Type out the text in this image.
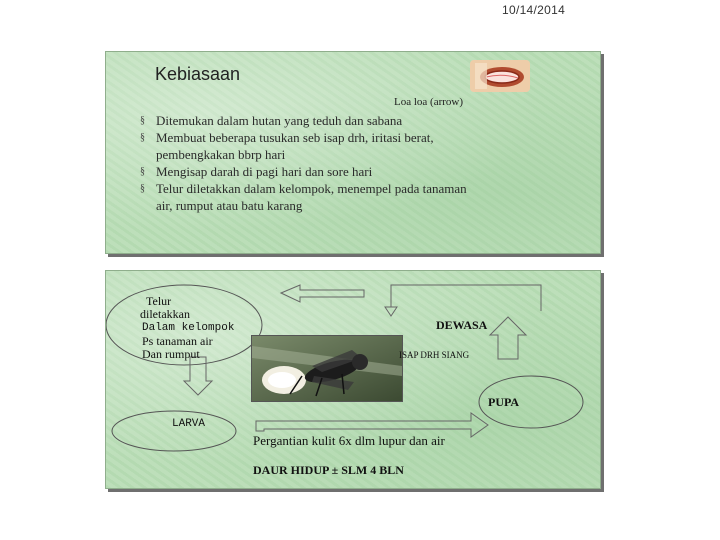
10/14/2014
Kebiasaan
Loa loa (arrow)
§ Ditemukan dalam hutan yang teduh dan sabana
§ Membuat beberapa tusukan seb isap drh, iritasi berat, pembengkakan bbrp hari
§ Mengisap darah di pagi hari dan sore hari
§ Telur diletakkan dalam kelompok, menempel pada tanaman air, rumput atau batu karang
Telur
diletakkan
Dalam kelompok
Ps tanaman air
Dan rumput
DEWASA
ISAP DRH SIANG
PUPA
LARVA
Pergantian kulit 6x dlm lupur dan air
DAUR HIDUP ± SLM 4 BLN
